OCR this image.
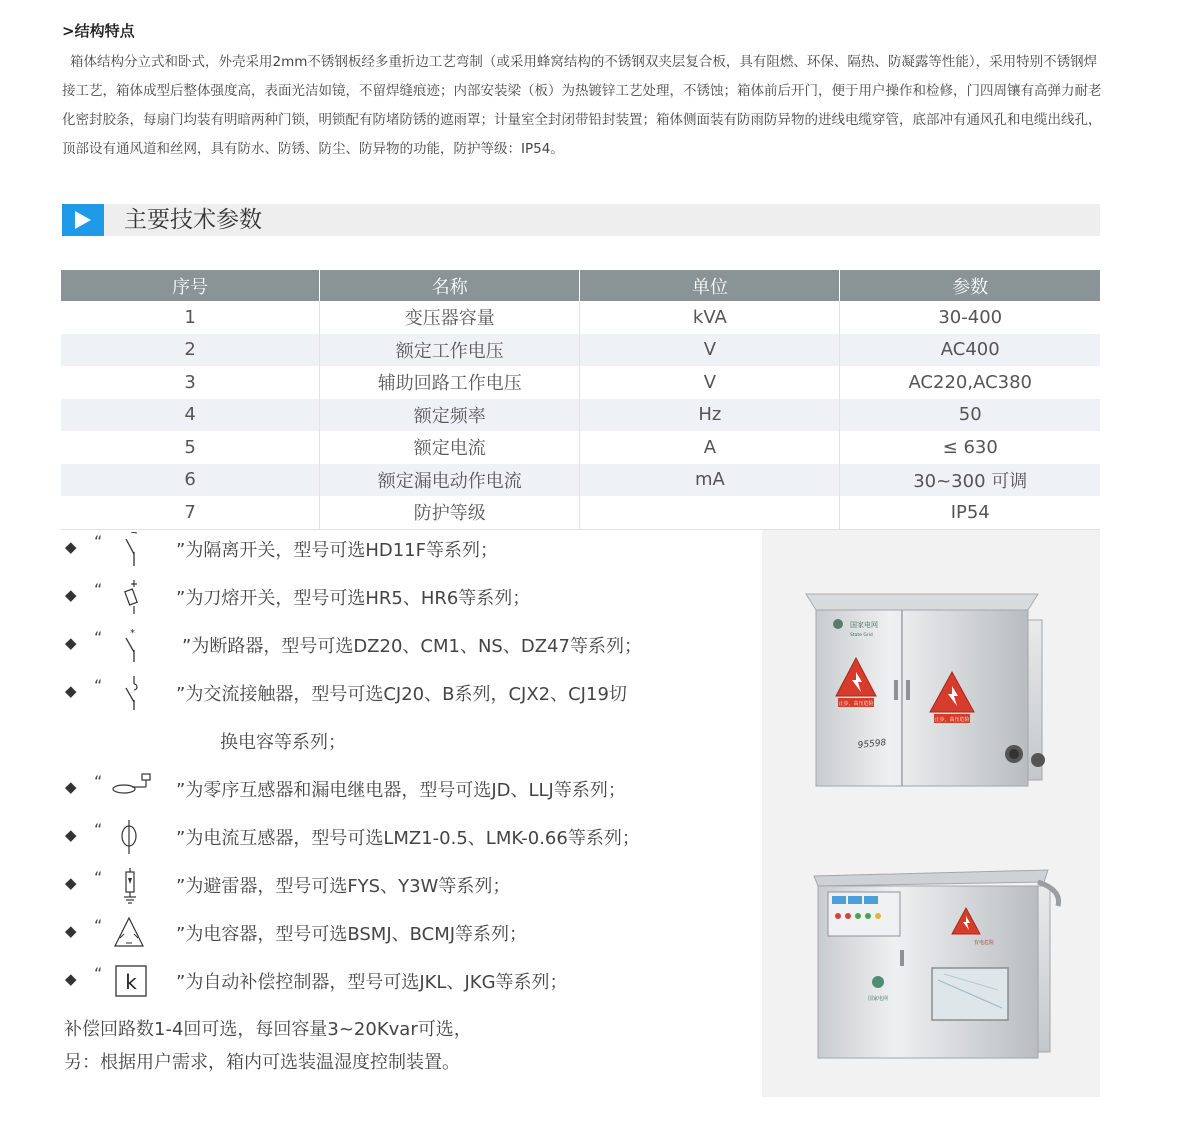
>结构特点
箱体结构分立式和卧式，外壳采用2mm不锈钢板经多重折边工艺弯制（或采用蜂窝结构的不锈钢双夹层复合板，具有阻燃、环保、隔热、防凝露等性能），采用特别不锈钢焊接工艺，箱体成型后整体强度高，表面光洁如镜，不留焊缝痕迹；内部安装梁（板）为热镀锌工艺处理，不锈蚀；箱体前后开门，便于用户操作和检修，门四周镶有高弹力耐老化密封胶条，每扇门均装有明暗两种门锁，明锁配有防堵防锈的遮雨罩；计量室全封闭带铅封装置；箱体侧面装有防雨防异物的进线电缆穿管，底部冲有通风孔和电缆出线孔，顶部设有通风道和丝网，具有防水、防锈、防尘、防异物的功能，防护等级：IP54。
主要技术参数
序号	名称	单位	参数
1	变压器容量	kVA	30-400
2	额定工作电压	V	AC400
3	辅助回路工作电压	V	AC220,AC380
4	额定频率	Hz	50
5	额定电流	A	≤ 630
6	额定漏电动作电流	mA	30~300 可调
7	防护等级		IP54
◆ “	”为隔离开关，型号可选HD11F等系列；
◆ “	”为刀熔开关，型号可选HR5、HR6等系列；
◆ “	*
”为断路器，型号可选DZ20、CM1、NS、DZ47等系列；
◆ “	”为交流接触器，型号可选CJ20、B系列，CJX2、CJ19切
换电容等系列；
◆ “	”为零序互感器和漏电继电器，型号可选JD、LLJ等系列；
◆ “	”为电流互感器，型号可选LMZ1-0.5、LMK-0.66等系列；
◆ “	”为避雷器，型号可选FYS、Y3W等系列；
◆ “	”为电容器，型号可选BSMJ、BCMJ等系列；
◆ “ k ”为自动补偿控制器，型号可选JKL、JKG等系列；
补偿回路数1-4回可选，每回容量3~20Kvar可选，
另：根据用户需求，箱内可选装温湿度控制装置。
国家电网
State Grid
止步，高压危险
止步，高压危险
95598
有电危险
国家电网
